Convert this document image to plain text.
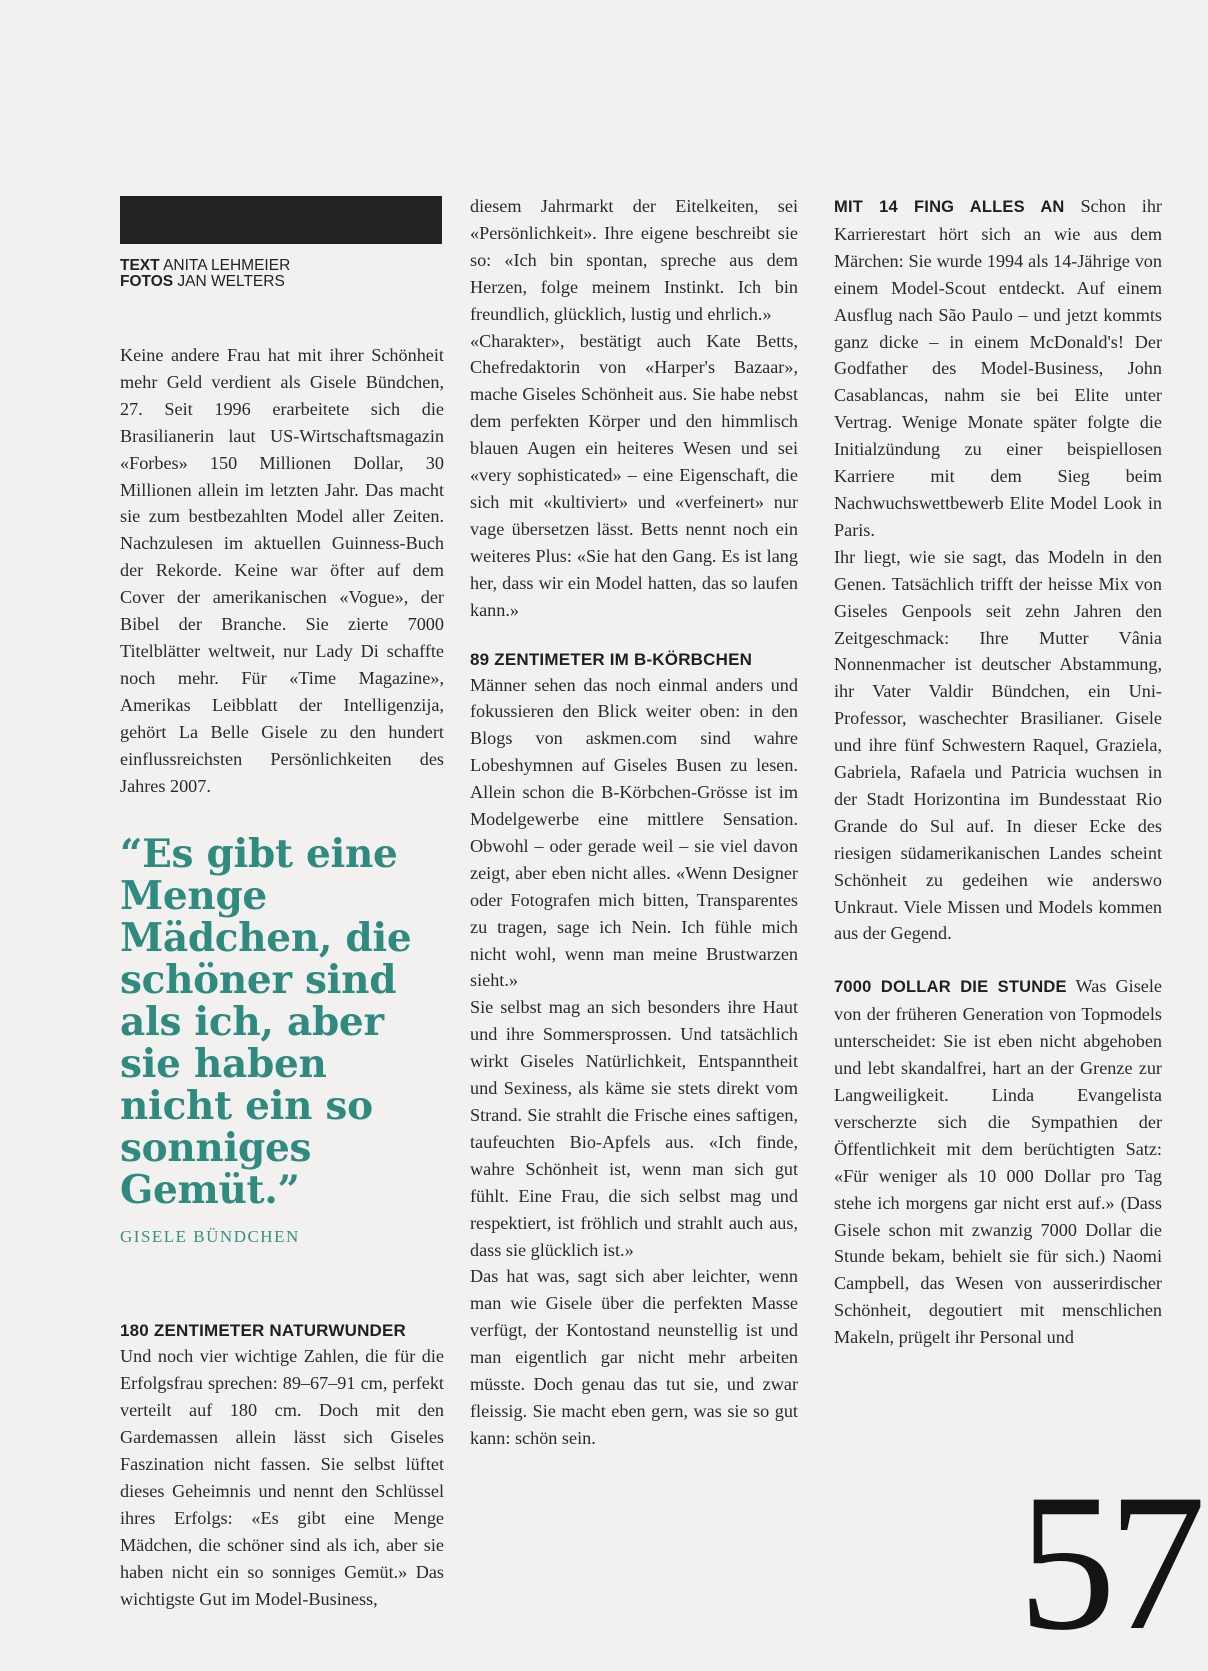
TEXT ANITA LEHMEIER
FOTOS JAN WELTERS

Keine andere Frau hat mit ihrer Schönheit mehr Geld verdient als Gisele Bündchen, 27. Seit 1996 erarbeitete sich die Brasilianerin laut US-Wirtschaftsmagazin «Forbes» 150 Millionen Dollar, 30 Millionen allein im letzten Jahr. Das macht sie zum bestbezahlten Model aller Zeiten. Nachzulesen im aktuellen Guinness-Buch der Rekorde. Keine war öfter auf dem Cover der amerikanischen «Vogue», der Bibel der Branche. Sie zierte 7000 Titelblätter weltweit, nur Lady Di schaffte noch mehr. Für «Time Magazine», Amerikas Leibblatt der Intelligenzija, gehört La Belle Gisele zu den hundert einflussreichsten Persönlichkeiten des Jahres 2007.

“Es gibt eine Menge Mädchen, die schöner sind als ich, aber sie haben nicht ein so sonniges Gemüt.”

GISELE BÜNDCHEN
180 ZENTIMETER NATURWUNDER

Und noch vier wichtige Zahlen, die für die Erfolgsfrau sprechen: 89–67–91 cm, perfekt verteilt auf 180 cm. Doch mit den Gardemassen allein lässt sich Giseles Faszination nicht fassen. Sie selbst lüftet dieses Geheimnis und nennt den Schlüssel ihres Erfolgs: «Es gibt eine Menge Mädchen, die schöner sind als ich, aber sie haben nicht ein so sonniges Gemüt.» Das wichtigste Gut im Model-Business,

diesem Jahrmarkt der Eitelkeiten, sei «Persönlichkeit». Ihre eigene beschreibt sie so: «Ich bin spontan, spreche aus dem Herzen, folge meinem Instinkt. Ich bin freundlich, glücklich, lustig und ehrlich.»

«Charakter», bestätigt auch Kate Betts, Chefredaktorin von «Harper's Bazaar», mache Giseles Schönheit aus. Sie habe nebst dem perfekten Körper und den himmlisch blauen Augen ein heiteres Wesen und sei «very sophisticated» – eine Eigenschaft, die sich mit «kultiviert» und «verfeinert» nur vage übersetzen lässt. Betts nennt noch ein weiteres Plus: «Sie hat den Gang. Es ist lang her, dass wir ein Model hatten, das so laufen kann.»

89 ZENTIMETER IM B-KÖRBCHEN

Männer sehen das noch einmal anders und fokussieren den Blick weiter oben: in den Blogs von askmen.com sind wahre Lobeshymnen auf Giseles Busen zu lesen. Allein schon die B-Körbchen-Grösse ist im Modelgewerbe eine mittlere Sensation. Obwohl – oder gerade weil – sie viel davon zeigt, aber eben nicht alles. «Wenn Designer oder Fotografen mich bitten, Transparentes zu tragen, sage ich Nein. Ich fühle mich nicht wohl, wenn man meine Brustwarzen sieht.»

Sie selbst mag an sich besonders ihre Haut und ihre Sommersprossen. Und tatsächlich wirkt Giseles Natürlichkeit, Entspanntheit und Sexiness, als käme sie stets direkt vom Strand. Sie strahlt die Frische eines saftigen, taufeuchten Bio-Apfels aus. «Ich finde, wahre Schönheit ist, wenn man sich gut fühlt. Eine Frau, die sich selbst mag und respektiert, ist fröhlich und strahlt auch aus, dass sie glücklich ist.»

Das hat was, sagt sich aber leichter, wenn man wie Gisele über die perfekten Masse verfügt, der Kontostand neunstellig ist und man eigentlich gar nicht mehr arbeiten müsste. Doch genau das tut sie, und zwar fleissig. Sie macht eben gern, was sie so gut kann: schön sein.

MIT 14 FING ALLES AN Schon ihr Karrierestart hört sich an wie aus dem Märchen: Sie wurde 1994 als 14-Jährige von einem Model-Scout entdeckt. Auf einem Ausflug nach São Paulo – und jetzt kommts ganz dicke – in einem McDonald's! Der Godfather des Model-Business, John Casablancas, nahm sie bei Elite unter Vertrag. Wenige Monate später folgte die Initialzündung zu einer beispiellosen Karriere mit dem Sieg beim Nachwuchswettbewerb Elite Model Look in Paris.

Ihr liegt, wie sie sagt, das Modeln in den Genen. Tatsächlich trifft der heisse Mix von Giseles Genpools seit zehn Jahren den Zeitgeschmack: Ihre Mutter Vânia Nonnenmacher ist deutscher Abstammung, ihr Vater Valdir Bündchen, ein Uni-Professor, waschechter Brasilianer. Gisele und ihre fünf Schwestern Raquel, Graziela, Gabriela, Rafaela und Patricia wuchsen in der Stadt Horizontina im Bundesstaat Rio Grande do Sul auf. In dieser Ecke des riesigen südamerikanischen Landes scheint Schönheit zu gedeihen wie anderswo Unkraut. Viele Missen und Models kommen aus der Gegend.

7000 DOLLAR DIE STUNDE Was Gisele von der früheren Generation von Topmodels unterscheidet: Sie ist eben nicht abgehoben und lebt skandalfrei, hart an der Grenze zur Langweiligkeit. Linda Evangelista verscherzte sich die Sympathien der Öffentlichkeit mit dem berüchtigten Satz: «Für weniger als 10 000 Dollar pro Tag stehe ich morgens gar nicht erst auf.» (Dass Gisele schon mit zwanzig 7000 Dollar die Stunde bekam, behielt sie für sich.) Naomi Campbell, das Wesen von ausserirdischer Schönheit, degoutiert mit menschlichen Makeln, prügelt ihr Personal und

57
